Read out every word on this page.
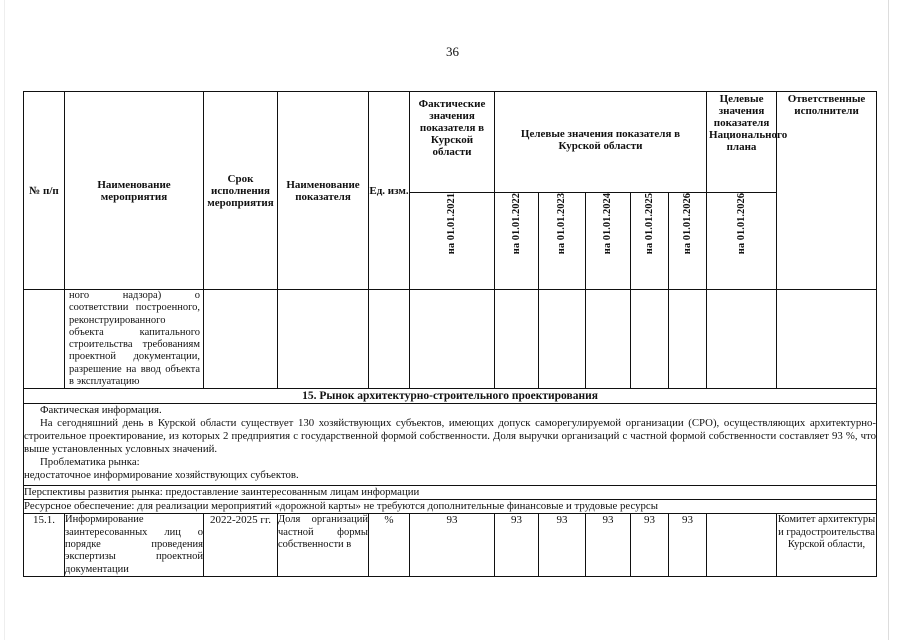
36
№ п/п	Наименование мероприятия	Срок исполнения мероприятия	Наименование показателя	Ед. изм.	Фактические значения показателя в Курской области	Целевые значения показателя в Курской области					Целевые значения показателя Национального плана	Ответственные исполнители
					на 01.01.2021	на 01.01.2022	на 01.01.2023	на 01.01.2024	на 01.01.2025	на 01.01.2026	на 01.01.2026	

	ного надзора) о соответствии построенного, реконструированного объекта капитального строительства требованиям проектной документации, разрешение на ввод объекта в эксплуатацию											

15. Рынок архитектурно-строительного проектирования												

Фактическая информация.
На сегодняшний день в Курской области существует 130 хозяйствующих субъектов, имеющих допуск саморегулируемой организации (СРО), осуществляющих архитектурно-строительное проектирование, из которых 2 предприятия с государственной формой собственности. Доля выручки организаций с частной формой собственности составляет 93 %, что выше установленных условных значений.
Проблематика рынка:
недостаточное информирование хозяйствующих субъектов.												

Перспективы развития рынка: предоставление заинтересованным лицам информации												
Ресурсное обеспечение: для реализации мероприятий «дорожной карты» не требуются дополнительные финансовые и трудовые ресурсы												
15.1.	Информирование заинтересованных лиц о порядке проведения экспертизы проектной документации	2022-2025 гг.	Доля организаций частной формы собственности в	%	93	93	93	93	93	93		Комитет архитектуры и градостроительства Курской области,
